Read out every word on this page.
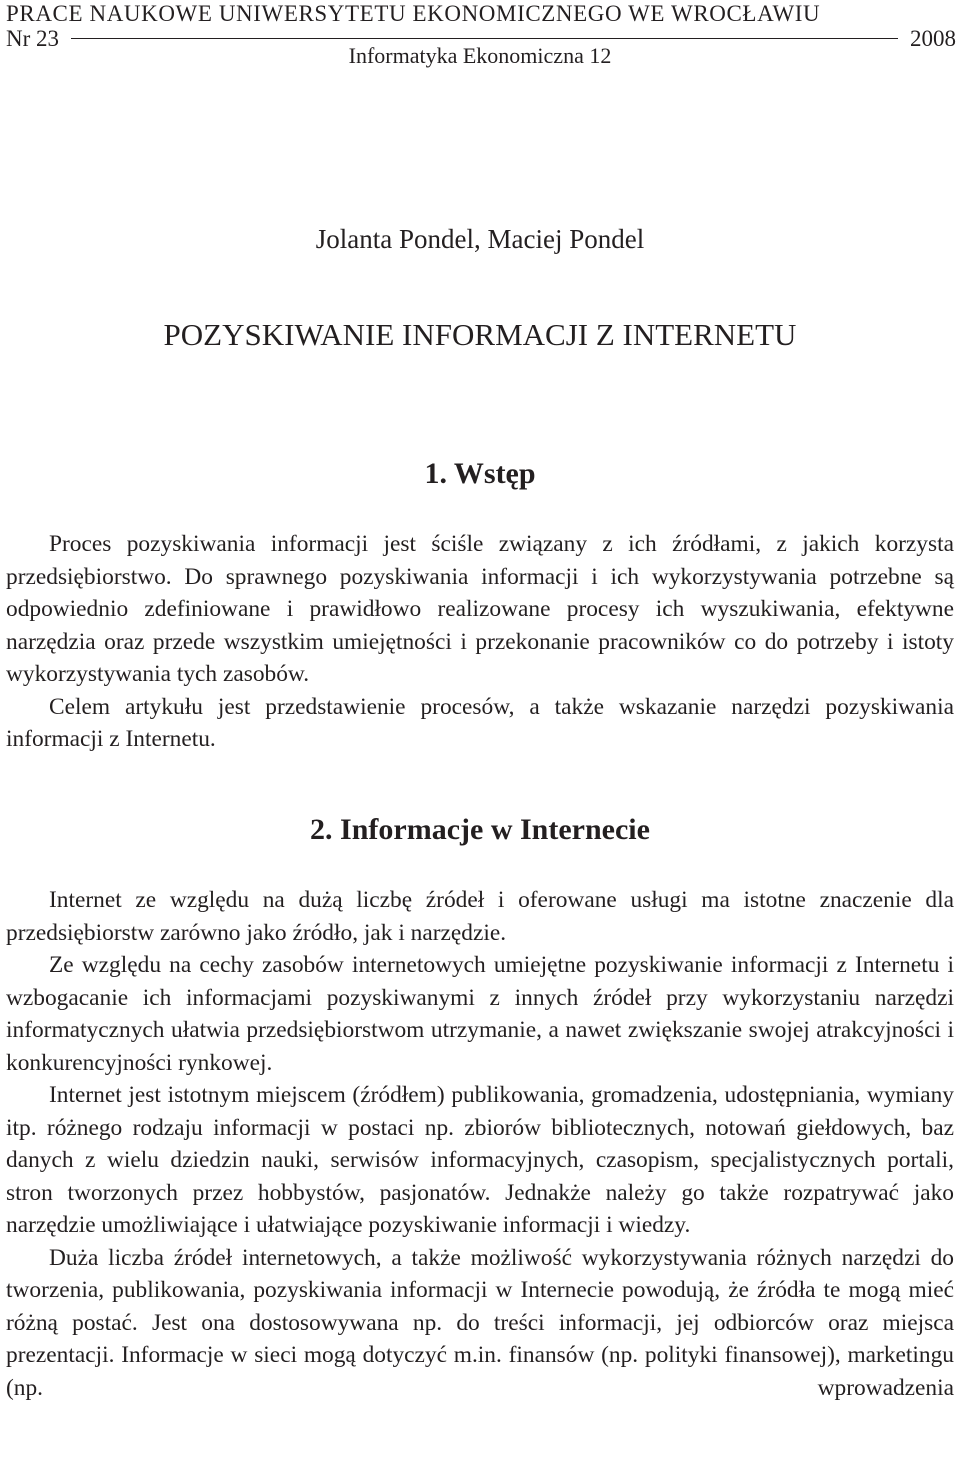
PRACE NAUKOWE UNIWERSYTETU EKONOMICZNEGO WE WROCŁAWIU
Nr 23	2008
Informatyka Ekonomiczna 12
Jolanta Pondel, Maciej Pondel
POZYSKIWANIE INFORMACJI Z INTERNETU
1. Wstęp

Proces pozyskiwania informacji jest ściśle związany z ich źródłami, z jakich korzysta przedsiębiorstwo. Do sprawnego pozyskiwania informacji i ich wykorzystywania potrzebne są odpowiednio zdefiniowane i prawidłowo realizowane procesy ich wyszukiwania, efektywne narzędzia oraz przede wszystkim umiejętności i przekonanie pracowników co do potrzeby i istoty wykorzystywania tych zasobów.

Celem artykułu jest przedstawienie procesów, a także wskazanie narzędzi pozyskiwania informacji z Internetu.

2. Informacje w Internecie

Internet ze względu na dużą liczbę źródeł i oferowane usługi ma istotne znaczenie dla przedsiębiorstw zarówno jako źródło, jak i narzędzie.

Ze względu na cechy zasobów internetowych umiejętne pozyskiwanie informacji z Internetu i wzbogacanie ich informacjami pozyskiwanymi z innych źródeł przy wykorzystaniu narzędzi informatycznych ułatwia przedsiębiorstwom utrzymanie, a nawet zwiększanie swojej atrakcyjności i konkurencyjności rynkowej.

Internet jest istotnym miejscem (źródłem) publikowania, gromadzenia, udostępniania, wymiany itp. różnego rodzaju informacji w postaci np. zbiorów bibliotecznych, notowań giełdowych, baz danych z wielu dziedzin nauki, serwisów informacyjnych, czasopism, specjalistycznych portali, stron tworzonych przez hobbystów, pasjonatów. Jednakże należy go także rozpatrywać jako narzędzie umożliwiające i ułatwiające pozyskiwanie informacji i wiedzy.

Duża liczba źródeł internetowych, a także możliwość wykorzystywania różnych narzędzi do tworzenia, publikowania, pozyskiwania informacji w Internecie powodują, że źródła te mogą mieć różną postać. Jest ona dostosowywana np. do treści informacji, jej odbiorców oraz miejsca prezentacji. Informacje w sieci mogą dotyczyć m.in. finansów (np. polityki finansowej), marketingu (np. wprowadzenia
